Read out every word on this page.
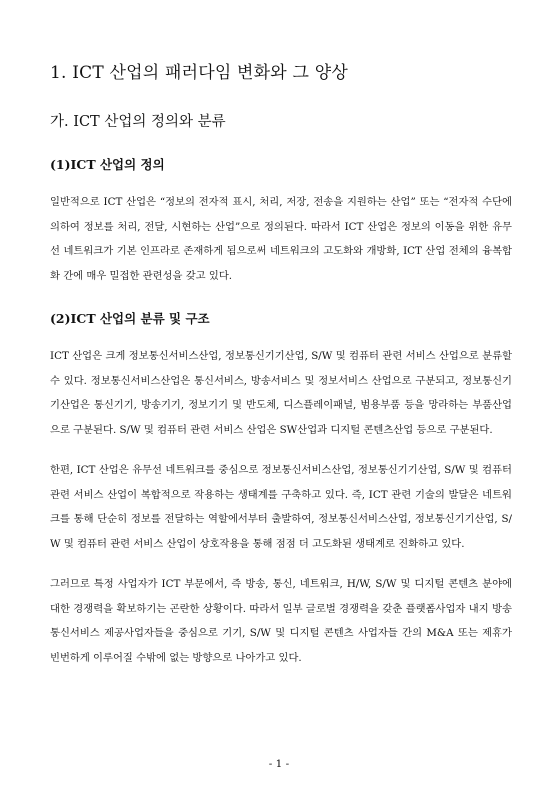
1. ICT 산업의 패러다임 변화와 그 양상
가. ICT 산업의 정의와 분류
(1)ICT 산업의 정의

일반적으로 ICT 산업은 “정보의 전자적 표시, 처리, 저장, 전송을 지원하는 산업” 또는 “전자적 수단에 의하여 정보를 처리, 전달, 시현하는 산업”으로 정의된다. 따라서 ICT 산업은 정보의 이동을 위한 유무선 네트워크가 기본 인프라로 존재하게 됨으로써 네트워크의 고도화와 개방화, ICT 산업 전체의 융복합화 간에 매우 밀접한 관련성을 갖고 있다.

(2)ICT 산업의 분류 및 구조

ICT 산업은 크게 정보통신서비스산업, 정보통신기기산업, S/W 및 컴퓨터 관련 서비스 산업으로 분류할 수 있다. 정보통신서비스산업은 통신서비스, 방송서비스 및 정보서비스 산업으로 구분되고, 정보통신기기산업은 통신기기, 방송기기, 정보기기 및 반도체, 디스플레이패널, 범용부품 등을 망라하는 부품산업으로 구분된다. S/W 및 컴퓨터 관련 서비스 산업은 SW산업과 디지털 콘텐츠산업 등으로 구분된다.

한편, ICT 산업은 유무선 네트워크를 중심으로 정보통신서비스산업, 정보통신기기산업, S/W 및 컴퓨터 관련 서비스 산업이 복합적으로 작용하는 생태계를 구축하고 있다. 즉, ICT 관련 기술의 발달은 네트워크를 통해 단순히 정보를 전달하는 역할에서부터 출발하여, 정보통신서비스산업, 정보통신기기산업, S/W 및 컴퓨터 관련 서비스 산업이 상호작용을 통해 점점 더 고도화된 생태계로 진화하고 있다.

그러므로 특정 사업자가 ICT 부문에서, 즉 방송, 통신, 네트워크, H/W, S/W 및 디지털 콘텐츠 분야에 대한 경쟁력을 확보하기는 곤란한 상황이다. 따라서 일부 글로벌 경쟁력을 갖춘 플랫폼사업자 내지 방송통신서비스 제공사업자들을 중심으로 기기, S/W 및 디지털 콘텐츠 사업자들 간의 M&A 또는 제휴가 빈번하게 이루어질 수밖에 없는 방향으로 나아가고 있다.

- 1 -
